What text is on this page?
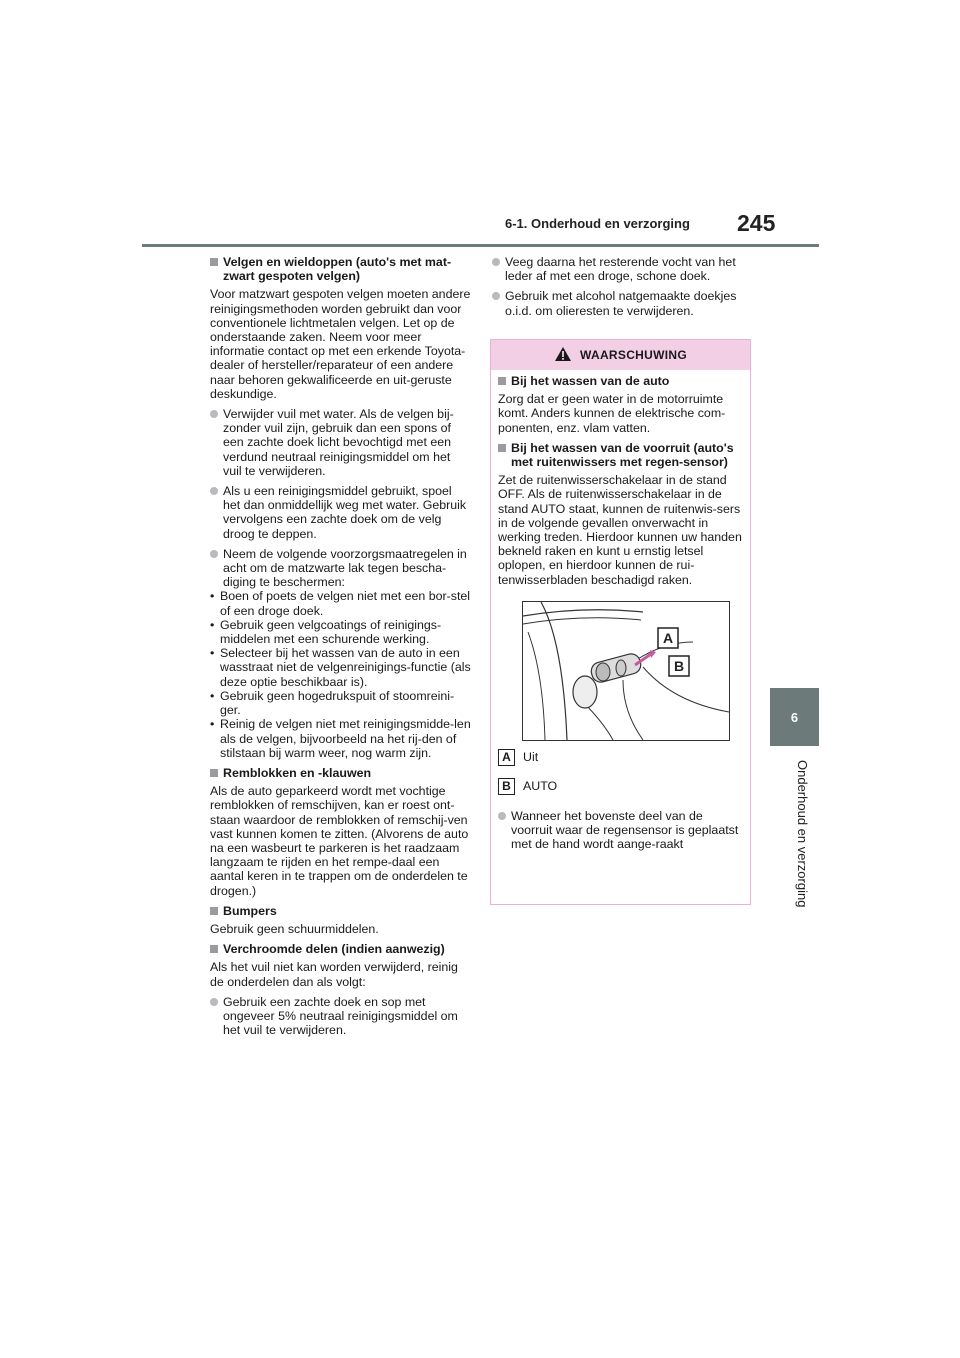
6-1. Onderhoud en verzorging 245
6
Onderhoud en verzorging

Velgen en wieldoppen (auto's met mat-zwart gespoten velgen)

Voor matzwart gespoten velgen moeten andere reinigingsmethoden worden gebruikt dan voor conventionele lichtmetalen velgen. Let op de onderstaande zaken. Neem voor meer informatie contact op met een erkende Toyota-dealer of hersteller/reparateur of een andere naar behoren gekwalificeerde en uit-geruste deskundige.

Verwijder vuil met water. Als de velgen bij-zonder vuil zijn, gebruik dan een spons of een zachte doek licht bevochtigd met een verdund neutraal reinigingsmiddel om het vuil te verwijderen.

Als u een reinigingsmiddel gebruikt, spoel het dan onmiddellijk weg met water. Gebruik vervolgens een zachte doek om de velg droog te deppen.

Neem de volgende voorzorgsmaatregelen in acht om de matzwarte lak tegen bescha-diging te beschermen:

• Boen of poets de velgen niet met een bor-stel of een droge doek.
• Gebruik geen velgcoatings of reinigings-middelen met een schurende werking.
• Selecteer bij het wassen van de auto in een wasstraat niet de velgenreinigings-functie (als deze optie beschikbaar is).
• Gebruik geen hogedrukspuit of stoomreini-ger.
• Reinig de velgen niet met reinigingsmidde-len als de velgen, bijvoorbeeld na het rij-den of stilstaan bij warm weer, nog warm zijn.

Remblokken en -klauwen

Als de auto geparkeerd wordt met vochtige remblokken of remschijven, kan er roest ont-staan waardoor de remblokken of remschij-ven vast kunnen komen te zitten. (Alvorens de auto na een wasbeurt te parkeren is het raadzaam langzaam te rijden en het rempe-daal een aantal keren in te trappen om de onderdelen te drogen.)

Bumpers

Gebruik geen schuurmiddelen.

Verchroomde delen (indien aanwezig)

Als het vuil niet kan worden verwijderd, reinig de onderdelen dan als volgt:

Gebruik een zachte doek en sop met ongeveer 5% neutraal reinigingsmiddel om het vuil te verwijderen.

Veeg daarna het resterende vocht van het leder af met een droge, schone doek.

Gebruik met alcohol natgemaakte doekjes o.i.d. om olieresten te verwijderen.

WAARSCHUWING

Bij het wassen van de auto

Zorg dat er geen water in de motorruimte komt. Anders kunnen de elektrische com-ponenten, enz. vlam vatten.

Bij het wassen van de voorruit (auto's met ruitenwissers met regen-sensor)

Zet de ruitenwisserschakelaar in de stand OFF. Als de ruitenwisserschakelaar in de stand AUTO staat, kunnen de ruitenwis-sers in de volgende gevallen onverwacht in werking treden. Hierdoor kunnen uw handen bekneld raken en kunt u ernstig letsel oplopen, en hierdoor kunnen de rui-tenwisserbladen beschadigd raken.

A
B
A Uit
B AUTO

Wanneer het bovenste deel van de voorruit waar de regensensor is geplaatst met de hand wordt aange-raakt
